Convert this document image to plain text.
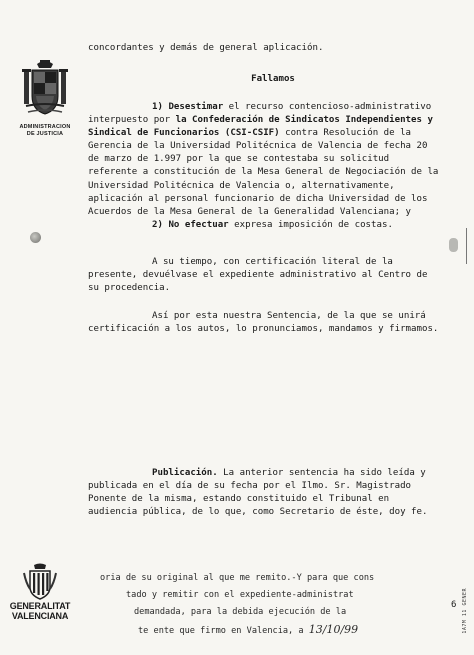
ADMINISTRACION
DE JUSTICIA
concordantes y demás de general aplicación.
Fallamos
1) Desestimar el recurso contencioso-administrativo
interpuesto por la Confederación de Sindicatos Independientes y
Sindical de Funcionarios (CSI-CSIF) contra Resolución de la
Gerencia de la Universidad Politécnica de Valencia de fecha 20
de marzo de 1.997 por la que se contestaba su solicitud
referente a constitución de la Mesa General de Negociación de la
Universidad Politécnica de Valencia o, alternativamente,
aplicación al personal funcionario de dicha Universidad de los
Acuerdos de la Mesa General de la Generalidad Valenciana; y
2) No efectuar expresa imposición de costas.
A su tiempo, con certificación literal de la
presente, devuélvase el expediente administrativo al Centro de
su procedencia.
Así por esta nuestra Sentencia, de la que se unirá
certificación a los autos, lo pronunciamos, mandamos y firmamos.
Publicación. La anterior sentencia ha sido leída y
publicada en el día de su fecha por el Ilmo. Sr. Magistrado
Ponente de la misma, estando constituido el Tribunal en
audiencia pública, de lo que, como Secretario de éste, doy fe.
GENERALITAT
VALENCIANA
oria de su original al que me remito.-Y para que cons
tado y remitir con el expediente-administrat
demandada, para la debida ejecución de la
te ente que firmo en Valencia, a 13/10/99
6 1A7M 11 GENER
